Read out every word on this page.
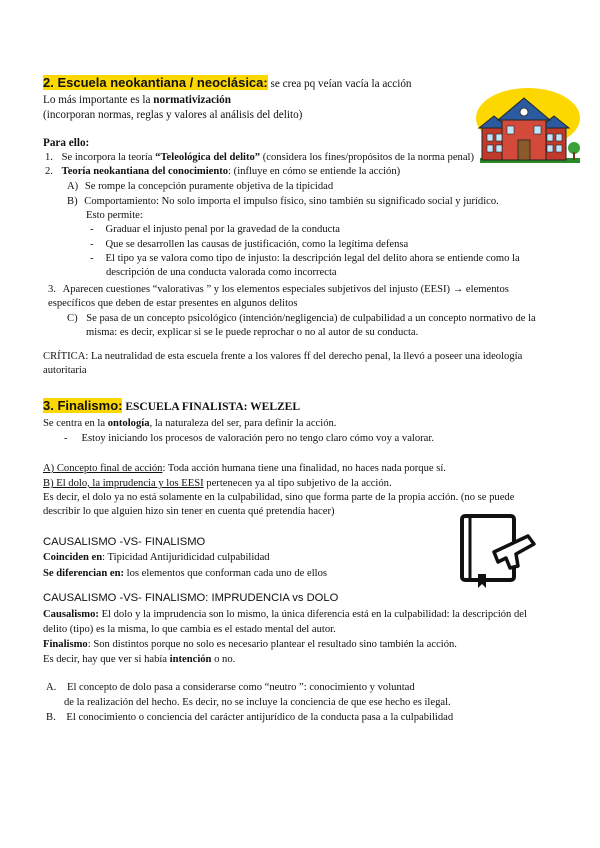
2. Escuela neokantiana / neoclásica: se crea pq veían vacía la acción
Lo más importante es la normativización
(incorporan normas, reglas y valores al análisis del delito)
Para ello:
1. Se incorpora la teoría “Teleológica del delito” (considera los fines/propósitos de la norma penal)
2. Teoría neokantiana del conocimiento: (influye en cómo se entiende la acción)
A) Se rompe la concepción puramente objetiva de la tipicidad
B) Comportamiento: No solo importa el impulso físico, sino también su significado social y jurídico.
Esto permite:
- Graduar el injusto penal por la gravedad de la conducta
- Que se desarrollen las causas de justificación, como la legítima defensa
- El tipo ya se valora como tipo de injusto: la descripción legal del delito ahora se entiende como la
descripción de una conducta valorada como incorrecta
3. Aparecen cuestiones “valorativas ” y los elementos especiales subjetivos del injusto (EESI) → elementos
específicos que deben de estar presentes en algunos delitos
C) Se pasa de un concepto psicológico (intención/negligencia) de culpabilidad a un concepto normativo de la
misma: es decir, explicar si se le puede reprochar o no al autor de su conducta.
CRÍTICA: La neutralidad de esta escuela frente a los valores ff del derecho penal, la llevó a poseer una ideología
autoritaria
3. Finalismo: ESCUELA FINALISTA: WELZEL
Se centra en la ontología, la naturaleza del ser, para definir la acción.
- Estoy iniciando los procesos de valoración pero no tengo claro cómo voy a valorar.
A) Concepto final de acción: Toda acción humana tiene una finalidad, no haces nada porque sí.
B) El dolo, la imprudencia y los EESI pertenecen ya al tipo subjetivo de la acción.
Es decir, el dolo ya no está solamente en la culpabilidad, sino que forma parte de la propia acción. (no se puede
describir lo que alguien hizo sin tener en cuenta qué pretendía hacer)
CAUSALISMO -VS- FINALISMO
Coinciden en: Tipicidad Antijuridicidad culpabilidad
Se diferencian en: los elementos que conforman cada uno de ellos
CAUSALISMO -VS- FINALISMO: IMPRUDENCIA vs DOLO
Causalismo: El dolo y la imprudencia son lo mismo, la única diferencia está en la culpabilidad: la descripción del
delito (tipo) es la misma, lo que cambia es el estado mental del autor.
Finalismo: Son distintos porque no solo es necesario plantear el resultado sino también la acción.
Es decir, hay que ver si había intención o no.
A. El concepto de dolo pasa a considerarse como “neutro ”: conocimiento y voluntad
de la realización del hecho. Es decir, no se incluye la conciencia de que ese hecho es ilegal.
B. El conocimiento o conciencia del carácter antijurídico de la conducta pasa a la culpabilidad
